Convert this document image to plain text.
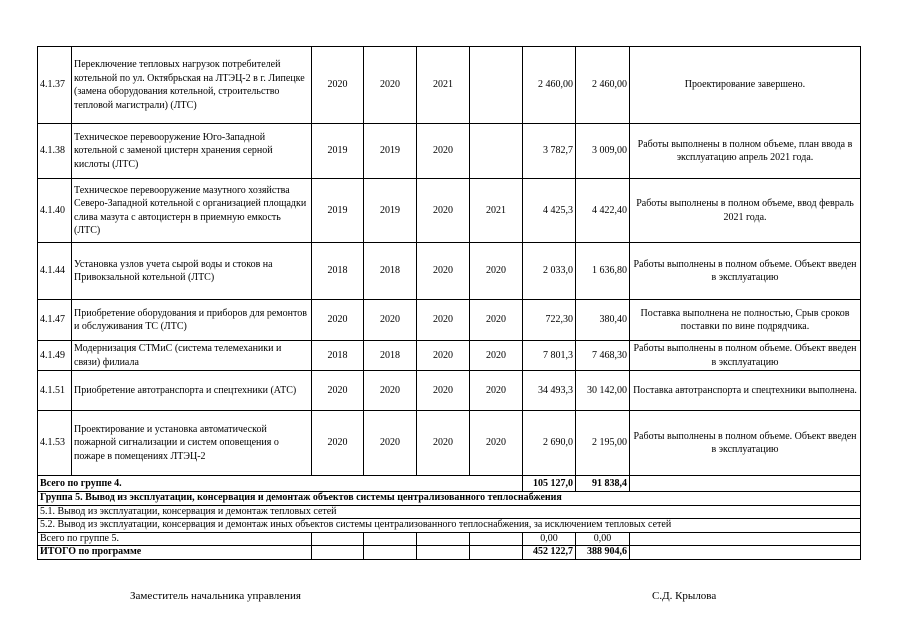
4.1.37	Переключение тепловых нагрузок потребителей котельной по ул. Октябрьская на ЛТЭЦ-2 в г. Липецке (замена оборудования котельной, строительство тепловой магистрали) (ЛТС)	2020	2020	2021		2 460,00	2 460,00	Проектирование завершено.
4.1.38	Техническое перевооружение Юго-Западной котельной с заменой цистерн хранения серной кислоты (ЛТС)	2019	2019	2020		3 782,7	3 009,00	Работы выполнены в полном объеме, план ввода в эксплуатацию апрель 2021 года.
4.1.40	Техническое перевооружение мазутного хозяйства Северо-Западной котельной с организацией площадки слива мазута с автоцистерн в приемную емкость (ЛТС)	2019	2019	2020	2021	4 425,3	4 422,40	Работы выполнены в полном объеме, ввод февраль 2021 года.
4.1.44	Установка узлов учета сырой воды и стоков на Привокзальной котельной (ЛТС)	2018	2018	2020	2020	2 033,0	1 636,80	Работы выполнены в полном объеме. Объект введен в эксплуатацию
4.1.47	Приобретение оборудования и приборов для ремонтов и обслуживания ТС (ЛТС)	2020	2020	2020	2020	722,30	380,40	Поставка выполнена не полностью, Срыв сроков поставки по вине подрядчика.
4.1.49	Модернизация СТМиС (система телемеханики и связи) филиала	2018	2018	2020	2020	7 801,3	7 468,30	Работы выполнены в полном объеме. Объект введен в эксплуатацию
4.1.51	Приобретение автотранспорта и спецтехники (АТС)	2020	2020	2020	2020	34 493,3	30 142,00	Поставка автотранспорта и спецтехники выполнена.
4.1.53	Проектирование и установка автоматической пожарной сигнализации и систем оповещения о пожаре в помещениях ЛТЭЦ-2	2020	2020	2020	2020	2 690,0	2 195,00	Работы выполнены в полном объеме. Объект введен в эксплуатацию
Всего по группе 4.						105 127,0	91 838,4	
Группа 5. Вывод из эксплуатации, консервация и демонтаж объектов системы централизованного теплоснабжения								
5.1. Вывод из эксплуатации, консервация и демонтаж тепловых сетей								
5.2. Вывод из эксплуатации, консервация и демонтаж иных объектов системы централизованного теплоснабжения, за исключением тепловых сетей								
Всего по группе 5.						0,00	0,00	
ИТОГО по программе						452 122,7	388 904,6	
Заместитель начальника управления	С.Д. Крылова
